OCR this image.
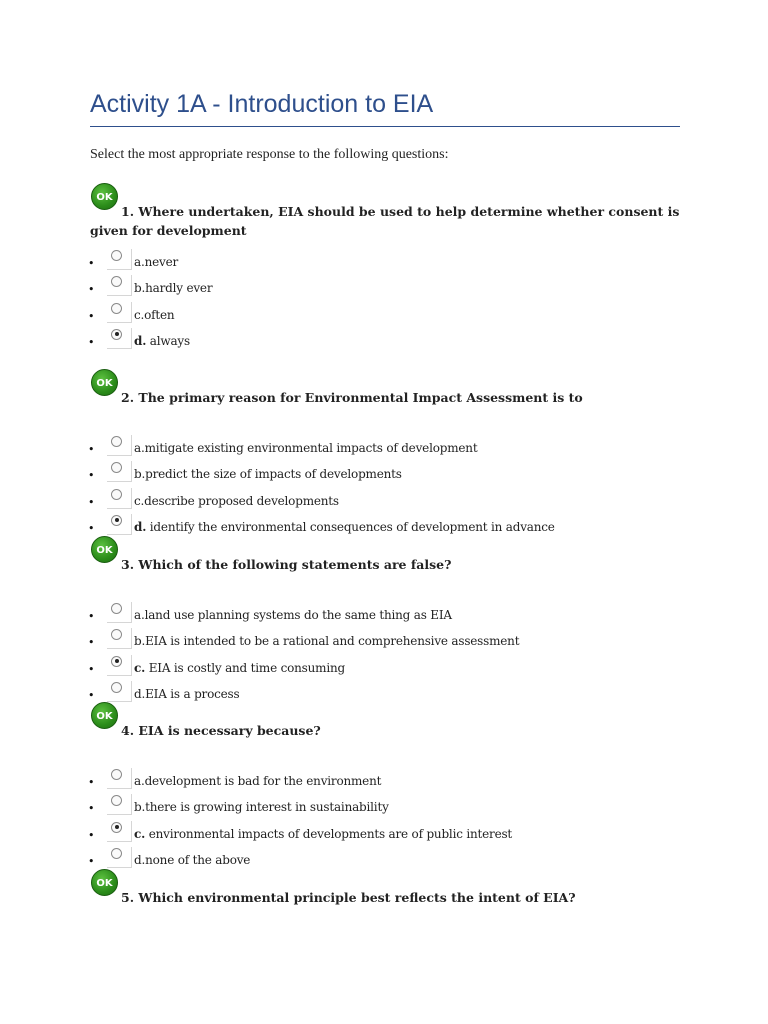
Activity 1A - Introduction to EIA
Select the most appropriate response to the following questions:
OK
1. Where undertaken, EIA should be used to help determine whether consent is given for development
•	a.never
•	b.hardly ever
•	c.often
•	d. always
OK
2. The primary reason for Environmental Impact Assessment is to
•	a.mitigate existing environmental impacts of development
•	b.predict the size of impacts of developments
•	c.describe proposed developments
•	d. identify the environmental consequences of development in advance
OK
3. Which of the following statements are false?
•	a.land use planning systems do the same thing as EIA
•	b.EIA is intended to be a rational and comprehensive assessment
•	c. EIA is costly and time consuming
•	d.EIA is a process
OK
4. EIA is necessary because?
•	a.development is bad for the environment
•	b.there is growing interest in sustainability
•	c. environmental impacts of developments are of public interest
•	d.none of the above
OK
5. Which environmental principle best reflects the intent of EIA?
